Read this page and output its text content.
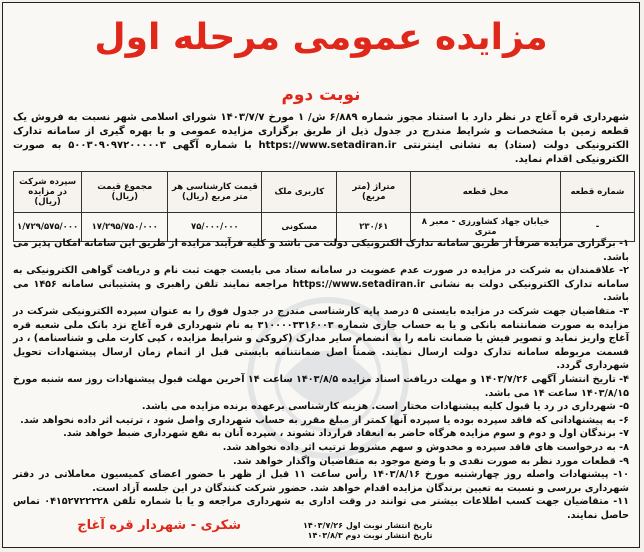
مزایده عمومی مرحله اول
نوبت دوم
شهرداری قره آغاج در نظر دارد با استناد مجوز شماره ۶/۸۸۹ ش/ ۱ مورخ ۱۴۰۳/۷/۷ شورای اسلامی شهر نسبت به فروش یک قطعه زمین با مشخصات و شرایط مندرج در جدول ذیل از طریق برگزاری مزایده عمومی و با بهره گیری از سامانه تدارک الکترونیکی دولت (ستاد) به نشانی اینترنتی https://www.setadiran.ir با شماره آگهی ۵۰۰۳۰۹۰۹۷۲۰۰۰۰۰۳ به صورت الکترونیکی اقدام نماید.
شماره قطعه	محل قطعه	متراژ (متر مربع)	کاربری ملک	قیمت کارشناسی هر متر مربع (ریال)	مجموع قیمت (ریال)	سپرده شرکت در مزایده (ریال)
-	خیابان جهاد کشاورزی - معبر ۸ متری	۲۳۰/۶۱	مسکونی	۷۵/۰۰۰/۰۰۰	۱۷/۲۹۵/۷۵۰/۰۰۰	۱/۷۲۹/۵۷۵/۰۰۰

۱- برگزاری مزایده صرفاً از طریق سامانه تدارک الکترونیکی دولت می باشد و کلیه فرآیند مزایده از طریق این سامانه امکان پذیر می باشد.

۲- علاقمندان به شرکت در مزایده در صورت عدم عضویت در سامانه ستاد می بایست جهت ثبت نام و دریافت گواهی الکترونیکی به سامانه تدارک الکترونیکی دولت به نشانی https://www.setadiran.ir مراجعه نمایند تلفن راهبری و پشتیبانی سامانه ۱۴۵۶ می باشد.

۳- متقاضیان جهت شرکت در مزایده بایستی ۵ درصد پایه کارشناسی مندرج در جدول فوق را به عنوان سپرده الکترونیکی شرکت در مزایده به صورت ضمانتنامه بانکی و یا به حساب جاری شماره ۳۱۰۰۰۰۳۳۱۶۰۰۳ به نام شهرداری قره آغاج نزد بانک ملی شعبه قره آغاج واریز نماید و تصویر فیش یا ضمانت نامه را به انضمام سایر مدارک (کروکی و شرایط مزایده ، کپی کارت ملی و شناسنامه) ، در قسمت مربوطه سامانه تدارک دولت ارسال نمایند. ضمناً اصل ضمانتنامه بایستی قبل از اتمام زمان ارسال پیشنهادات تحویل شهرداری گردد.

۴- تاریخ انتشار آگهی ۱۴۰۳/۷/۲۶ و مهلت دریافت اسناد مزایده ۱۴۰۳/۸/۵ ساعت ۱۴ آخرین مهلت قبول پیشنهادات روز سه شنبه مورخ ۱۴۰۳/۸/۱۵ ساعت ۱۴ می باشد.

۵- شهرداری در رد یا قبول کلیه پیشنهادات مختار است. هزینه کارشناسی برعهده برنده مزایده می باشد.

۶- به پیشنهاداتی که فاقد سپرده بوده یا سپرده آنها کمتر از مبلغ مقرر به حساب شهرداری واصل شود ، ترتیب اثر داده نخواهد شد.

۷- برندگان اول و دوم و سوم مزایده هرگاه حاضر به انعقاد قرارداد نشوند ، سپرده آنان به نفع شهرداری ضبط خواهد شد.

۸- به درخواست های فاقد سپرده و مخدوش و سهم مشروط ترتیب اثر داده نخواهد شد.

۹- قطعات مورد نظر به صورت نقدی و با وضع موجود به متقاضیان واگذار خواهد شد.

۱۰- پیشنهادات واصله روز چهارشنبه مورخ ۱۴۰۳/۸/۱۶ رأس ساعت ۱۱ قبل از ظهر با حضور اعضای کمیسیون معاملاتی در دفتر شهرداری بررسی و نسبت به تعیین برندگان مزایده اقدام خواهد شد. حضور شرکت کنندگان در این جلسه آزاد است.

۱۱- متقاضیان جهت کسب اطلاعات بیشتر می توانند در وقت اداری به شهرداری مراجعه و یا با شماره تلفن ۰۴۱۵۲۷۲۲۲۲۸ تماس حاصل نمایند.

شکری - شهردار قره آغاج	تاریخ انتشار نوبت اول ۱۴۰۳/۷/۲۶
تاریخ انتشار نوبت دوم ۱۴۰۳/۸/۳
